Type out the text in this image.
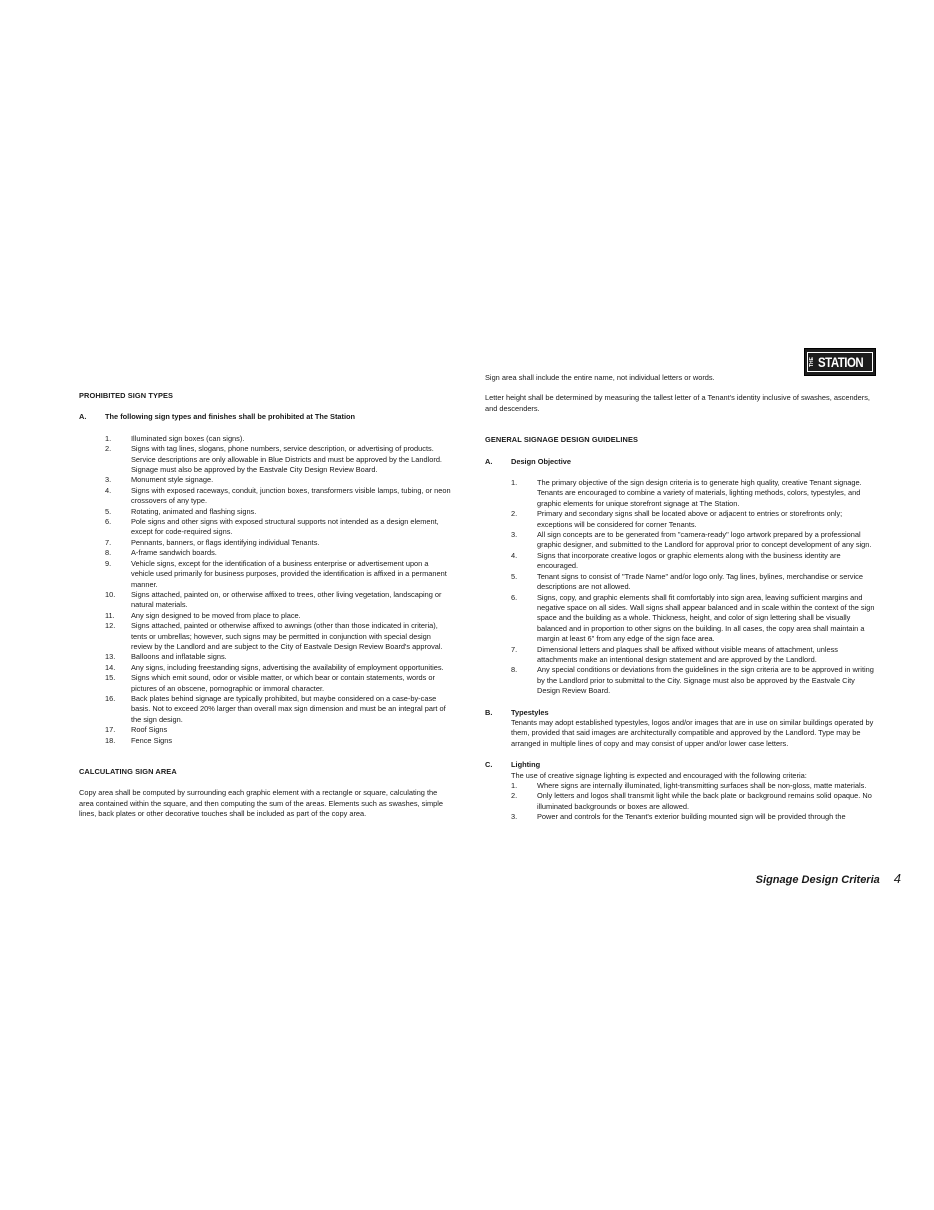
THE STATION
PROHIBITED SIGN TYPES
A.	The following sign types and finishes shall be prohibited at The Station
1.	Illuminated sign boxes (can signs).
2.	Signs with tag lines, slogans, phone numbers, service description, or advertising of products. Service descriptions are only allowable in Blue Districts and must be approved by the Landlord. Signage must also be approved by the Eastvale City Design Review Board.
3.	Monument style signage.
4.	Signs with exposed raceways, conduit, junction boxes, transformers visible lamps, tubing, or neon crossovers of any type.
5.	Rotating, animated and flashing signs.
6.	Pole signs and other signs with exposed structural supports not intended as a design element, except for code-required signs.
7.	Pennants, banners, or flags identifying individual Tenants.
8.	A-frame sandwich boards.
9.	Vehicle signs, except for the identification of a business enterprise or advertisement upon a vehicle used primarily for business purposes, provided the identification is affixed in a permanent manner.
10.	Signs attached, painted on, or otherwise affixed to trees, other living vegetation, landscaping or natural materials.
11.	Any sign designed to be moved from place to place.
12.	Signs attached, painted or otherwise affixed to awnings (other than those indicated in criteria), tents or umbrellas; however, such signs may be permitted in conjunction with special design review by the Landlord and are subject to the City of Eastvale Design Review Board's approval.
13.	Balloons and inflatable signs.
14.	Any signs, including freestanding signs, advertising the availability of employment opportunities.
15.	Signs which emit sound, odor or visible matter, or which bear or contain statements, words or pictures of an obscene, pornographic or immoral character.
16.	Back plates behind signage are typically prohibited, but maybe considered on a case-by-case basis. Not to exceed 20% larger than overall max sign dimension and must be an integral part of the sign design.
17.	Roof Signs
18.	Fence Signs
CALCULATING SIGN AREA

Copy area shall be computed by surrounding each graphic element with a rectangle or square, calculating the area contained within the square, and then computing the sum of the areas. Elements such as swashes, simple lines, back plates or other decorative touches shall be included as part of the copy area.

Sign area shall include the entire name, not individual letters or words.

Letter height shall be determined by measuring the tallest letter of a Tenant's identity inclusive of swashes, ascenders, and descenders.

GENERAL SIGNAGE DESIGN GUIDELINES
A.	Design Objective
1.	The primary objective of the sign design criteria is to generate high quality, creative Tenant signage. Tenants are encouraged to combine a variety of materials, lighting methods, colors, typestyles, and graphic elements for unique storefront signage at The Station.
2.	Primary and secondary signs shall be located above or adjacent to entries or storefronts only; exceptions will be considered for corner Tenants.
3.	All sign concepts are to be generated from "camera-ready" logo artwork prepared by a professional graphic designer, and submitted to the Landlord for approval prior to concept development of any sign.
4.	Signs that incorporate creative logos or graphic elements along with the business identity are encouraged.
5.	Tenant signs to consist of "Trade Name" and/or logo only. Tag lines, bylines, merchandise or service descriptions are not allowed.
6.	Signs, copy, and graphic elements shall fit comfortably into sign area, leaving sufficient margins and negative space on all sides. Wall signs shall appear balanced and in scale within the context of the sign space and the building as a whole. Thickness, height, and color of sign lettering shall be visually balanced and in proportion to other signs on the building. In all cases, the copy area shall maintain a margin at least 6" from any edge of the sign face area.
7.	Dimensional letters and plaques shall be affixed without visible means of attachment, unless attachments make an intentional design statement and are approved by the Landlord.
8.	Any special conditions or deviations from the guidelines in the sign criteria are to be approved in writing by the Landlord prior to submittal to the City. Signage must also be approved by the Eastvale City Design Review Board.
B.	Typestyles

Tenants may adopt established typestyles, logos and/or images that are in use on similar buildings operated by them, provided that said images are architecturally compatible and approved by the Landlord. Type may be arranged in multiple lines of copy and may consist of upper and/or lower case letters.

C.	Lighting

The use of creative signage lighting is expected and encouraged with the following criteria:

1.	Where signs are internally illuminated, light-transmitting surfaces shall be non-gloss, matte materials.
2.	Only letters and logos shall transmit light while the back plate or background remains solid opaque. No illuminated backgrounds or boxes are allowed.
3.	Power and controls for the Tenant's exterior building mounted sign will be provided through the
Signage Design Criteria 4
